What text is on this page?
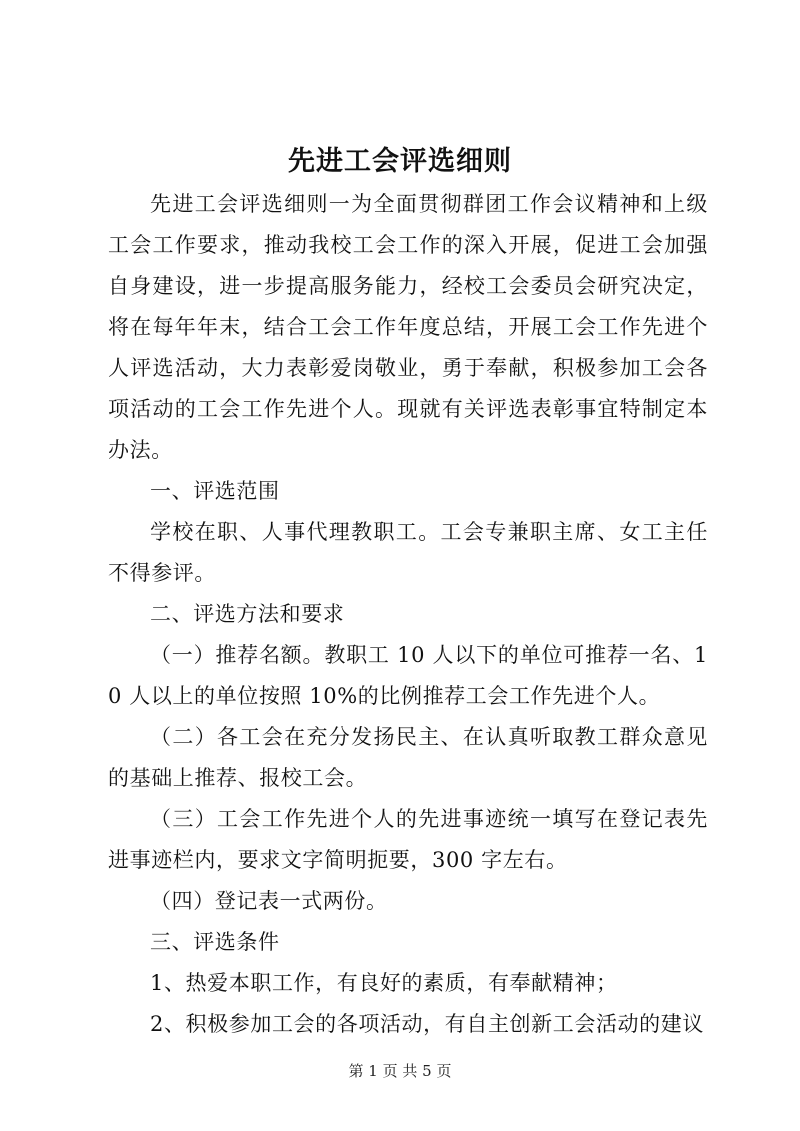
先进工会评选细则

先进工会评选细则一为全面贯彻群团工作会议精神和上级工会工作要求，推动我校工会工作的深入开展，促进工会加强自身建设，进一步提高服务能力，经校工会委员会研究决定，将在每年年末，结合工会工作年度总结，开展工会工作先进个人评选活动，大力表彰爱岗敬业，勇于奉献，积极参加工会各项活动的工会工作先进个人。现就有关评选表彰事宜特制定本办法。

一、评选范围

学校在职、人事代理教职工。工会专兼职主席、女工主任不得参评。

二、评选方法和要求

（一）推荐名额。教职工 10 人以下的单位可推荐一名、10 人以上的单位按照 10%的比例推荐工会工作先进个人。

（二）各工会在充分发扬民主、在认真听取教工群众意见的基础上推荐、报校工会。

（三）工会工作先进个人的先进事迹统一填写在登记表先进事迹栏内，要求文字简明扼要，300 字左右。

（四）登记表一式两份。

三、评选条件

1、热爱本职工作，有良好的素质，有奉献精神；

2、积极参加工会的各项活动，有自主创新工会活动的建议

第 1 页 共 5 页
